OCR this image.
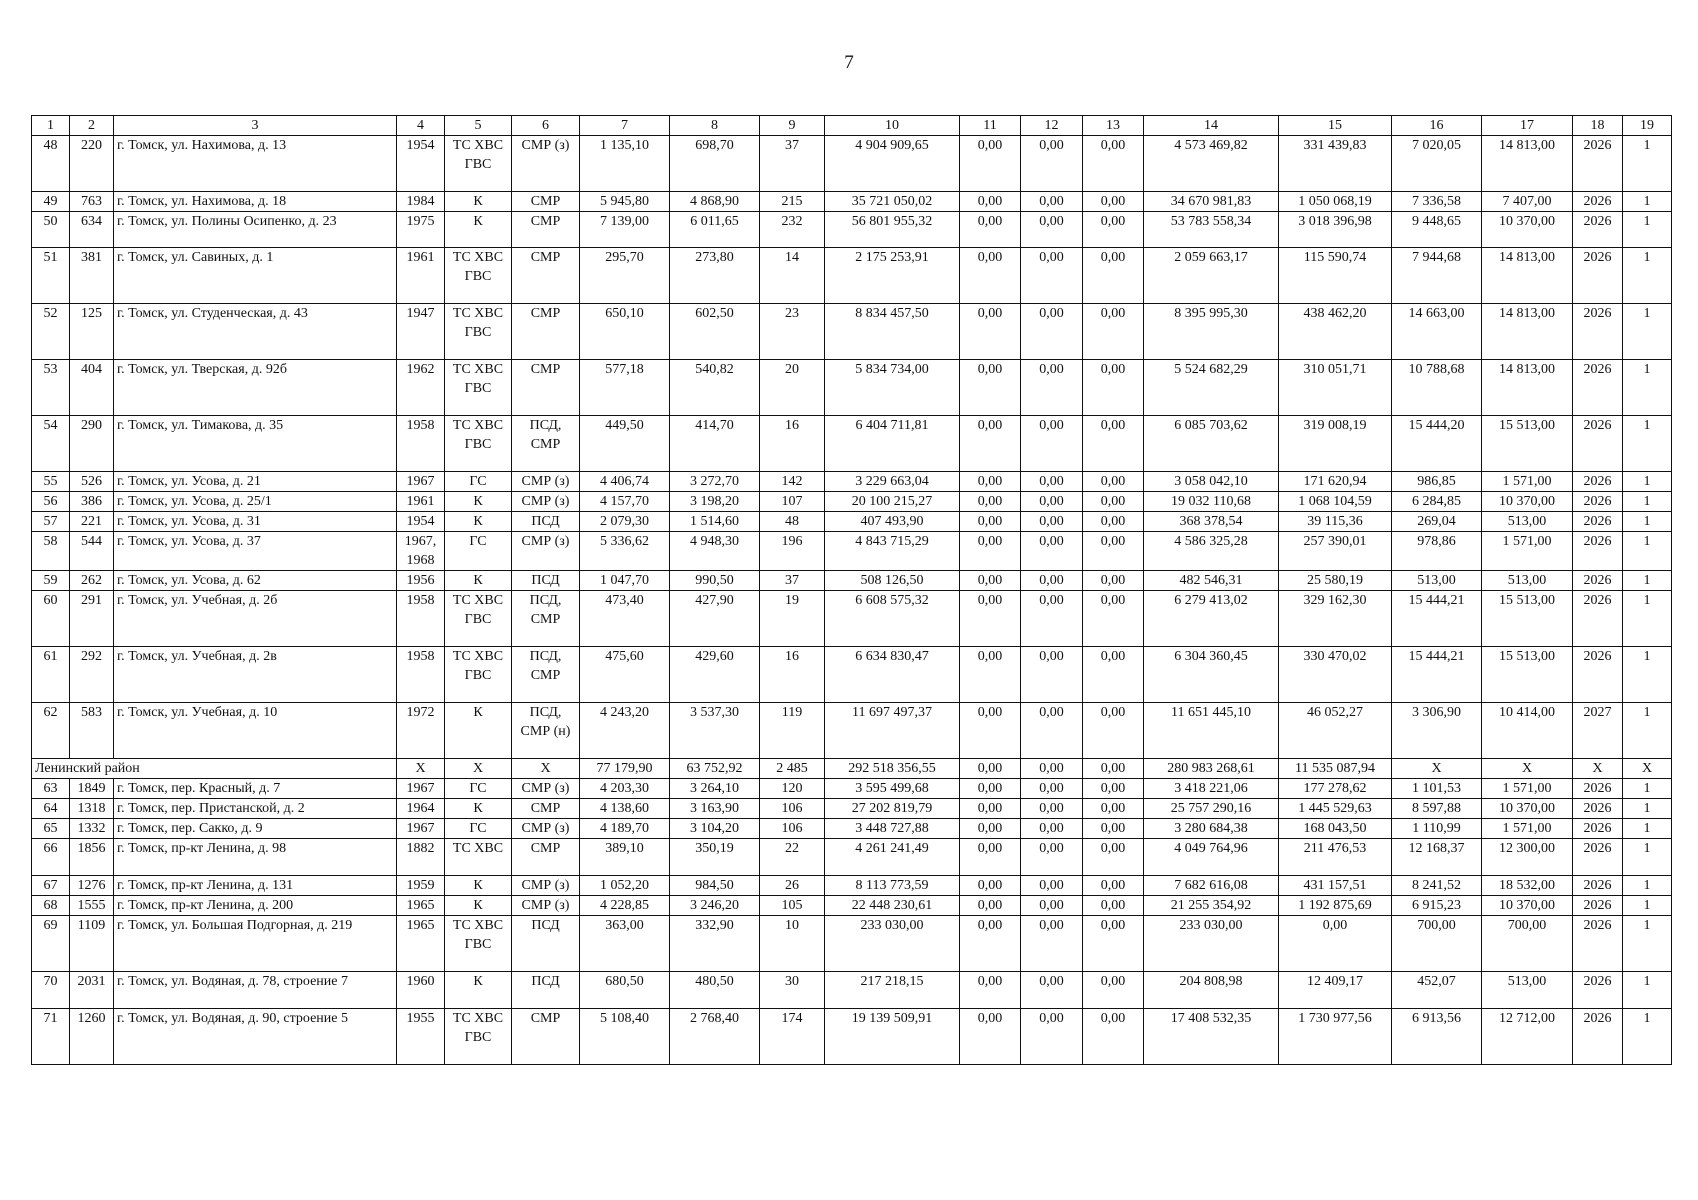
7
1	2	3	4	5	6	7	8	9	10	11	12	13	14	15	16	17	18	19
48	220	г. Томск, ул. Нахимова, д. 13	1954	ТС ХВС ГВС	СМР (з)	1 135,10	698,70	37	4 904 909,65	0,00	0,00	0,00	4 573 469,82	331 439,83	7 020,05	14 813,00	2026	1
49	763	г. Томск, ул. Нахимова, д. 18	1984	К	СМР	5 945,80	4 868,90	215	35 721 050,02	0,00	0,00	0,00	34 670 981,83	1 050 068,19	7 336,58	7 407,00	2026	1
50	634	г. Томск, ул. Полины Осипенко, д. 23	1975	К	СМР	7 139,00	6 011,65	232	56 801 955,32	0,00	0,00	0,00	53 783 558,34	3 018 396,98	9 448,65	10 370,00	2026	1
51	381	г. Томск, ул. Савиных, д. 1	1961	ТС ХВС ГВС	СМР	295,70	273,80	14	2 175 253,91	0,00	0,00	0,00	2 059 663,17	115 590,74	7 944,68	14 813,00	2026	1
52	125	г. Томск, ул. Студенческая, д. 43	1947	ТС ХВС ГВС	СМР	650,10	602,50	23	8 834 457,50	0,00	0,00	0,00	8 395 995,30	438 462,20	14 663,00	14 813,00	2026	1
53	404	г. Томск, ул. Тверская, д. 92б	1962	ТС ХВС ГВС	СМР	577,18	540,82	20	5 834 734,00	0,00	0,00	0,00	5 524 682,29	310 051,71	10 788,68	14 813,00	2026	1
54	290	г. Томск, ул. Тимакова, д. 35	1958	ТС ХВС ГВС	ПСД, СМР	449,50	414,70	16	6 404 711,81	0,00	0,00	0,00	6 085 703,62	319 008,19	15 444,20	15 513,00	2026	1
55	526	г. Томск, ул. Усова, д. 21	1967	ГС	СМР (з)	4 406,74	3 272,70	142	3 229 663,04	0,00	0,00	0,00	3 058 042,10	171 620,94	986,85	1 571,00	2026	1
56	386	г. Томск, ул. Усова, д. 25/1	1961	К	СМР (з)	4 157,70	3 198,20	107	20 100 215,27	0,00	0,00	0,00	19 032 110,68	1 068 104,59	6 284,85	10 370,00	2026	1
57	221	г. Томск, ул. Усова, д. 31	1954	К	ПСД	2 079,30	1 514,60	48	407 493,90	0,00	0,00	0,00	368 378,54	39 115,36	269,04	513,00	2026	1
58	544	г. Томск, ул. Усова, д. 37	1967, 1968	ГС	СМР (з)	5 336,62	4 948,30	196	4 843 715,29	0,00	0,00	0,00	4 586 325,28	257 390,01	978,86	1 571,00	2026	1
59	262	г. Томск, ул. Усова, д. 62	1956	К	ПСД	1 047,70	990,50	37	508 126,50	0,00	0,00	0,00	482 546,31	25 580,19	513,00	513,00	2026	1
60	291	г. Томск, ул. Учебная, д. 2б	1958	ТС ХВС ГВС	ПСД, СМР	473,40	427,90	19	6 608 575,32	0,00	0,00	0,00	6 279 413,02	329 162,30	15 444,21	15 513,00	2026	1
61	292	г. Томск, ул. Учебная, д. 2в	1958	ТС ХВС ГВС	ПСД, СМР	475,60	429,60	16	6 634 830,47	0,00	0,00	0,00	6 304 360,45	330 470,02	15 444,21	15 513,00	2026	1
62	583	г. Томск, ул. Учебная, д. 10	1972	К	ПСД, СМР (н)	4 243,20	3 537,30	119	11 697 497,37	0,00	0,00	0,00	11 651 445,10	46 052,27	3 306,90	10 414,00	2027	1
Ленинский район			X	X	X	77 179,90	63 752,92	2 485	292 518 356,55	0,00	0,00	0,00	280 983 268,61	11 535 087,94	X	X	X	X
63	1849	г. Томск, пер. Красный, д. 7	1967	ГС	СМР (з)	4 203,30	3 264,10	120	3 595 499,68	0,00	0,00	0,00	3 418 221,06	177 278,62	1 101,53	1 571,00	2026	1
64	1318	г. Томск, пер. Пристанской, д. 2	1964	К	СМР	4 138,60	3 163,90	106	27 202 819,79	0,00	0,00	0,00	25 757 290,16	1 445 529,63	8 597,88	10 370,00	2026	1
65	1332	г. Томск, пер. Сакко, д. 9	1967	ГС	СМР (з)	4 189,70	3 104,20	106	3 448 727,88	0,00	0,00	0,00	3 280 684,38	168 043,50	1 110,99	1 571,00	2026	1
66	1856	г. Томск, пр-кт Ленина, д. 98	1882	ТС ХВС	СМР	389,10	350,19	22	4 261 241,49	0,00	0,00	0,00	4 049 764,96	211 476,53	12 168,37	12 300,00	2026	1
67	1276	г. Томск, пр-кт Ленина, д. 131	1959	К	СМР (з)	1 052,20	984,50	26	8 113 773,59	0,00	0,00	0,00	7 682 616,08	431 157,51	8 241,52	18 532,00	2026	1
68	1555	г. Томск, пр-кт Ленина, д. 200	1965	К	СМР (з)	4 228,85	3 246,20	105	22 448 230,61	0,00	0,00	0,00	21 255 354,92	1 192 875,69	6 915,23	10 370,00	2026	1
69	1109	г. Томск, ул. Большая Подгорная, д. 219	1965	ТС ХВС ГВС	ПСД	363,00	332,90	10	233 030,00	0,00	0,00	0,00	233 030,00	0,00	700,00	700,00	2026	1
70	2031	г. Томск, ул. Водяная, д. 78, строение 7	1960	К	ПСД	680,50	480,50	30	217 218,15	0,00	0,00	0,00	204 808,98	12 409,17	452,07	513,00	2026	1
71	1260	г. Томск, ул. Водяная, д. 90, строение 5	1955	ТС ХВС ГВС	СМР	5 108,40	2 768,40	174	19 139 509,91	0,00	0,00	0,00	17 408 532,35	1 730 977,56	6 913,56	12 712,00	2026	1
